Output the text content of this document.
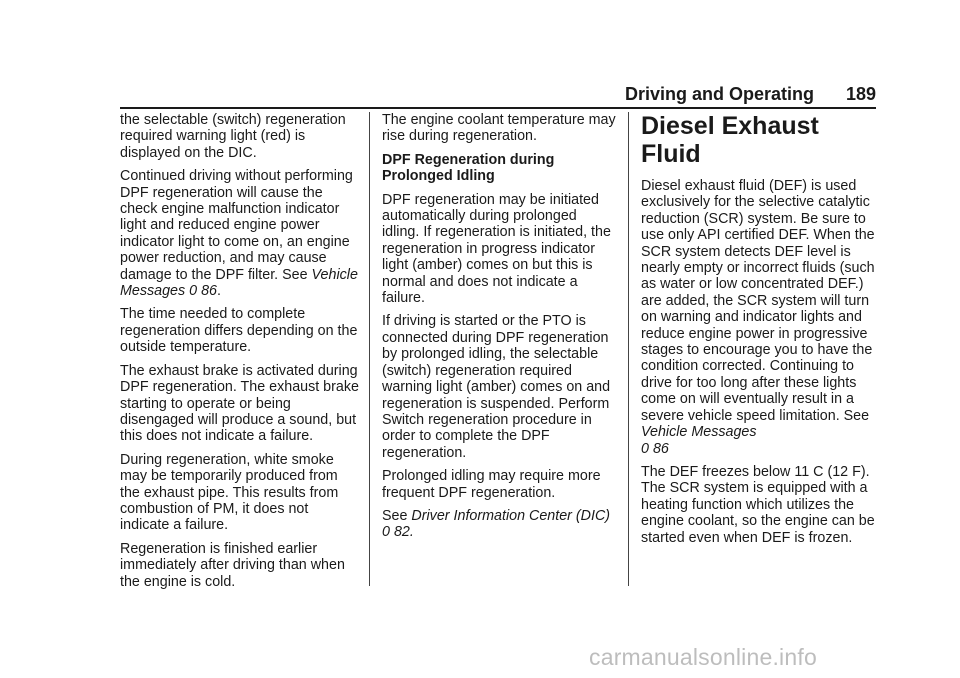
Driving and Operating 189

the selectable (switch) regeneration required warning light (red) is displayed on the DIC.

Continued driving without performing DPF regeneration will cause the check engine malfunction indicator light and reduced engine power indicator light to come on, an engine power reduction, and may cause damage to the DPF filter. See Vehicle Messages 0 86.

The time needed to complete regeneration differs depending on the outside temperature.

The exhaust brake is activated during DPF regeneration. The exhaust brake starting to operate or being disengaged will produce a sound, but this does not indicate a failure.

During regeneration, white smoke may be temporarily produced from the exhaust pipe. This results from combustion of PM, it does not indicate a failure.

Regeneration is finished earlier immediately after driving than when the engine is cold.

The engine coolant temperature may rise during regeneration.

DPF Regeneration during Prolonged Idling

DPF regeneration may be initiated automatically during prolonged idling. If regeneration is initiated, the regeneration in progress indicator light (amber) comes on but this is normal and does not indicate a failure.

If driving is started or the PTO is connected during DPF regeneration by prolonged idling, the selectable (switch) regeneration required warning light (amber) comes on and regeneration is suspended. Perform Switch regeneration procedure in order to complete the DPF regeneration.

Prolonged idling may require more frequent DPF regeneration.

See Driver Information Center (DIC)
0 82.

Diesel Exhaust Fluid

Diesel exhaust fluid (DEF) is used exclusively for the selective catalytic reduction (SCR) system. Be sure to use only API certified DEF. When the SCR system detects DEF level is nearly empty or incorrect fluids (such as water or low concentrated DEF.) are added, the SCR system will turn on warning and indicator lights and reduce engine power in progressive stages to encourage you to have the condition corrected. Continuing to drive for too long after these lights come on will eventually result in a severe vehicle speed limitation. See Vehicle Messages
0 86

The DEF freezes below 11 C (12 F). The SCR system is equipped with a heating function which utilizes the engine coolant, so the engine can be started even when DEF is frozen.

carmanualsonline.info
